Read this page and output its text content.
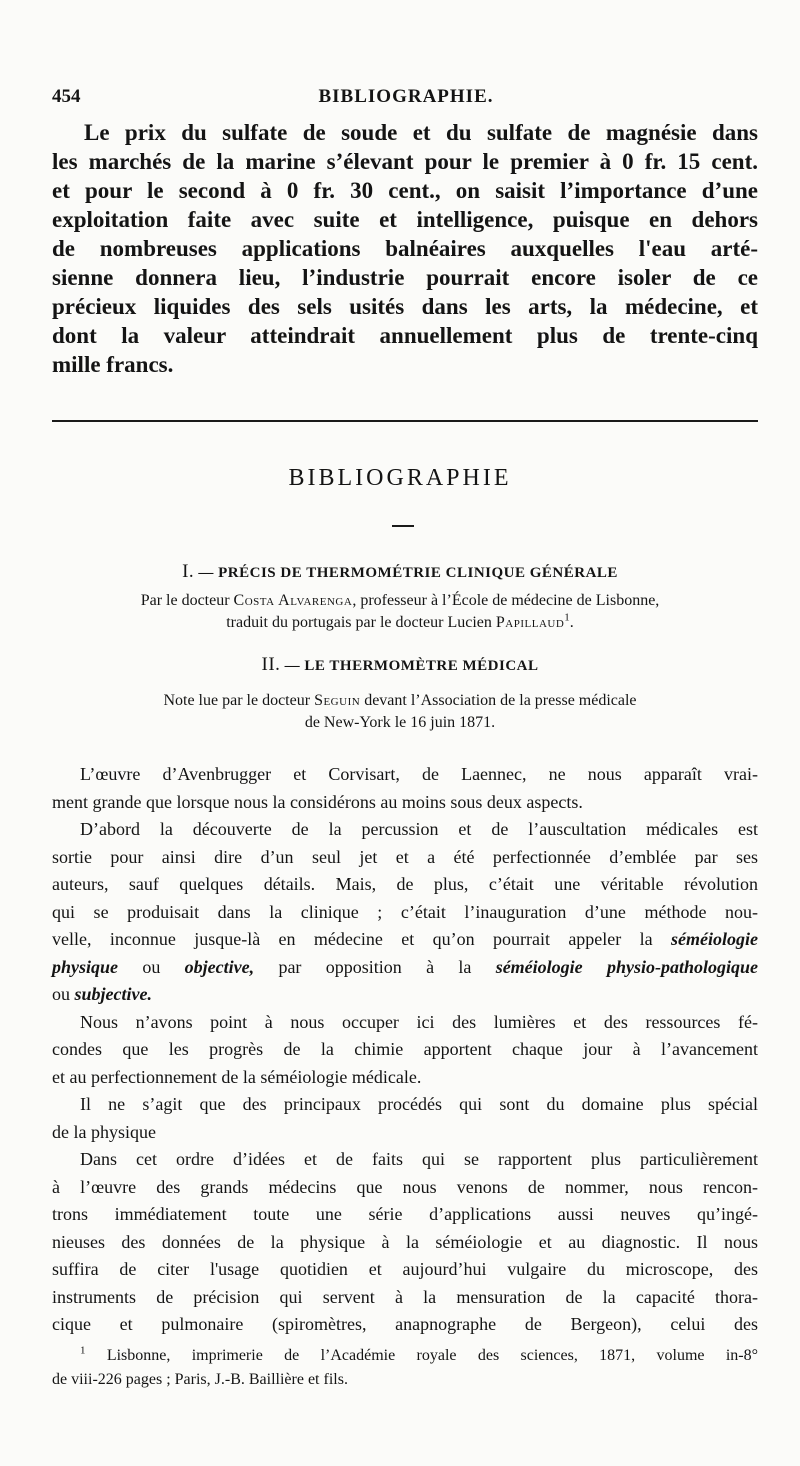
454	BIBLIOGRAPHIE.
Le prix du sulfate de soude et du sulfate de magnésie dans
les marchés de la marine s’élevant pour le premier à 0 fr. 15 cent.
et pour le second à 0 fr. 30 cent., on saisit l’importance d’une
exploitation faite avec suite et intelligence, puisque en dehors
de nombreuses applications balnéaires auxquelles l'eau arté-
sienne donnera lieu, l’industrie pourrait encore isoler de ce
précieux liquides des sels usités dans les arts, la médecine, et
dont la valeur atteindrait annuellement plus de trente-cinq
mille francs.
BIBLIOGRAPHIE
I. — PRÉCIS DE THERMOMÉTRIE CLINIQUE GÉNÉRALE
Par le docteur Costa Alvarenga, professeur à l’École de médecine de Lisbonne,
traduit du portugais par le docteur Lucien Papillaud$^1$.
II. — LE THERMOMÈTRE MÉDICAL
Note lue par le docteur Seguin devant l’Association de la presse médicale
de New-York le 16 juin 1871.
L’œuvre d’Avenbrugger et Corvisart, de Laennec, ne nous apparaît vrai-
ment grande que lorsque nous la considérons au moins sous deux aspects.
D’abord la découverte de la percussion et de l’auscultation médicales est
sortie pour ainsi dire d’un seul jet et a été perfectionnée d’emblée par ses
auteurs, sauf quelques détails. Mais, de plus, c’était une véritable révolution
qui se produisait dans la clinique ; c’était l’inauguration d’une méthode nou-
velle, inconnue jusque-là en médecine et qu’on pourrait appeler la séméiologie
physique ou objective, par opposition à la séméiologie physio-pathologique
ou subjective.
Nous n’avons point à nous occuper ici des lumières et des ressources fé-
condes que les progrès de la chimie apportent chaque jour à l’avancement
et au perfectionnement de la séméiologie médicale.
Il ne s’agit que des principaux procédés qui sont du domaine plus spécial
de la physique
Dans cet ordre d’idées et de faits qui se rapportent plus particulièrement
à l’œuvre des grands médecins que nous venons de nommer, nous rencon-
trons immédiatement toute une série d’applications aussi neuves qu’ingé-
nieuses des données de la physique à la séméiologie et au diagnostic. Il nous
suffira de citer l'usage quotidien et aujourd’hui vulgaire du microscope, des
instruments de précision qui servent à la mensuration de la capacité thora-
cique et pulmonaire (spiromètres, anapnographe de Bergeon), celui des
$^1$ Lisbonne, imprimerie de l’Académie royale des sciences, 1871, volume in-8°
de viii-226 pages ; Paris, J.-B. Baillière et fils.
